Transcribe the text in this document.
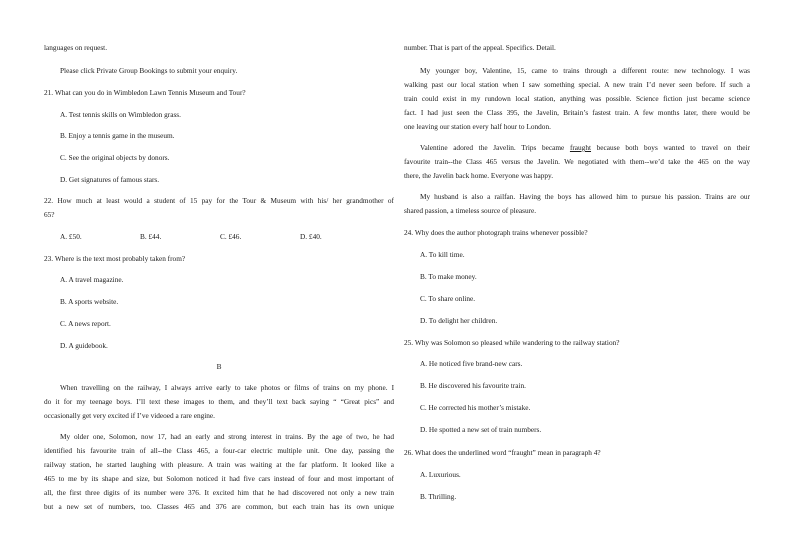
languages on request.
Please click Private Group Bookings to submit your enquiry.
21. What can you do in Wimbledon Lawn Tennis Museum and Tour?
A. Test tennis skills on Wimbledon grass.
B. Enjoy a tennis game in the museum.
C. See the original objects by donors.
D. Get signatures of famous stars.
22. How much at least would a student of 15 pay for the Tour & Museum with his/ her grandmother of
65?
A. £50.	B. £44.	C. £46.	D. £40.
23. Where is the text most probably taken from?
A. A travel magazine.
B. A sports website.
C. A news report.
D. A guidebook.
B
When travelling on the railway, I always arrive early to take photos or films of trains on my phone. I
do it for my teenage boys. I’ll text these images to them, and they’ll text back saying “ “Great pics” and
occasionally get very excited if I’ve videoed a rare engine.
My older one, Solomon, now 17, had an early and strong interest in trains. By the age of two, he had
identified his favourite train of all--the Class 465, a four-car electric multiple unit. One day, passing the
railway station, he started laughing with pleasure. A train was waiting at the far platform. It looked like a
465 to me by its shape and size, but Solomon noticed it had five cars instead of four and most important of
all, the first three digits of its number were 376. It excited him that he had discovered not only a new train
but a new set of numbers, too. Classes 465 and 376 are common, but each train has its own unique
number. That is part of the appeal. Specifics. Detail.
My younger boy, Valentine, 15, came to trains through a different route: new technology. I was
walking past our local station when I saw something special. A new train I’d never seen before. If such a
train could exist in my rundown local station, anything was possible. Science fiction just became science
fact. I had just seen the Class 395, the Javelin, Britain’s fastest train. A few months later, there would be
one leaving our station every half hour to London.
Valentine adored the Javelin. Trips became fraught because both boys wanted to travel on their
favourite train--the Class 465 versus the Javelin. We negotiated with them--we’d take the 465 on the way
there, the Javelin back home. Everyone was happy.
My husband is also a railfan. Having the boys has allowed him to pursue his passion. Trains are our
shared passion, a timeless source of pleasure.
24. Why does the author photograph trains whenever possible?
A. To kill time.
B. To make money.
C. To share online.
D. To delight her children.
25. Why was Solomon so pleased while wandering to the railway station?
A. He noticed five brand-new cars.
B. He discovered his favourite train.
C. He corrected his mother’s mistake.
D. He spotted a new set of train numbers.
26. What does the underlined word “fraught” mean in paragraph 4?
A. Luxurious.
B. Thrilling.
